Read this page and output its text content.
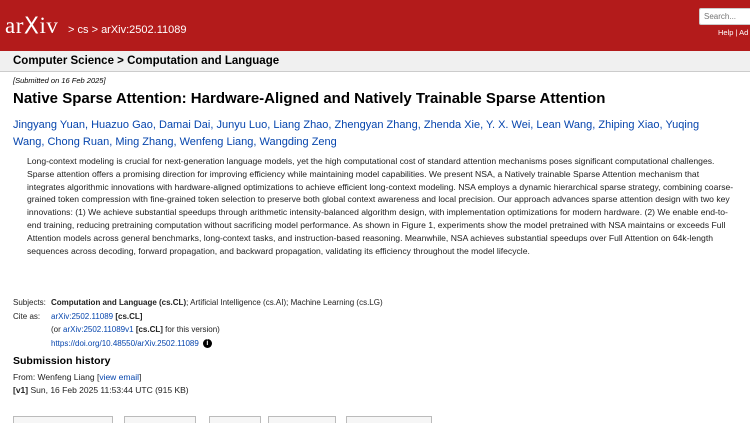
arXiv > cs > arXiv:2502.11089
Search...	Help | Ad
Computer Science > Computation and Language
[Submitted on 16 Feb 2025]
Native Sparse Attention: Hardware-Aligned and Natively Trainable Sparse Attention
Jingyang Yuan, Huazuo Gao, Damai Dai, Junyu Luo, Liang Zhao, Zhengyan Zhang, Zhenda Xie, Y. X. Wei, Lean Wang, Zhiping Xiao, Yuqing Wang, Chong Ruan, Ming Zhang, Wenfeng Liang, Wangding Zeng

Long-context modeling is crucial for next-generation language models, yet the high computational cost of standard attention mechanisms poses significant computational challenges. Sparse attention offers a promising direction for improving efficiency while maintaining model capabilities. We present NSA, a Natively trainable Sparse Attention mechanism that integrates algorithmic innovations with hardware-aligned optimizations to achieve efficient long-context modeling. NSA employs a dynamic hierarchical sparse strategy, combining coarse-grained token compression with fine-grained token selection to preserve both global context awareness and local precision. Our approach advances sparse attention design with two key innovations: (1) We achieve substantial speedups through arithmetic intensity-balanced algorithm design, with implementation optimizations for modern hardware. (2) We enable end-to-end training, reducing pretraining computation without sacrificing model performance. As shown in Figure 1, experiments show the model pretrained with NSA maintains or exceeds Full Attention models across general benchmarks, long-context tasks, and instruction-based reasoning. Meanwhile, NSA achieves substantial speedups over Full Attention on 64k-length sequences across decoding, forward propagation, and backward propagation, validating its efficiency throughout the model lifecycle.

Subjects: Computation and Language (cs.CL); Artificial Intelligence (cs.AI); Machine Learning (cs.LG)
Cite as:	arXiv:2502.11089 [cs.CL]
(or arXiv:2502.11089v1 [cs.CL] for this version)
https://doi.org/10.48550/arXiv.2502.11089 i
Submission history
From: Wenfeng Liang [view email]
[v1] Sun, 16 Feb 2025 11:53:44 UTC (915 KB)
